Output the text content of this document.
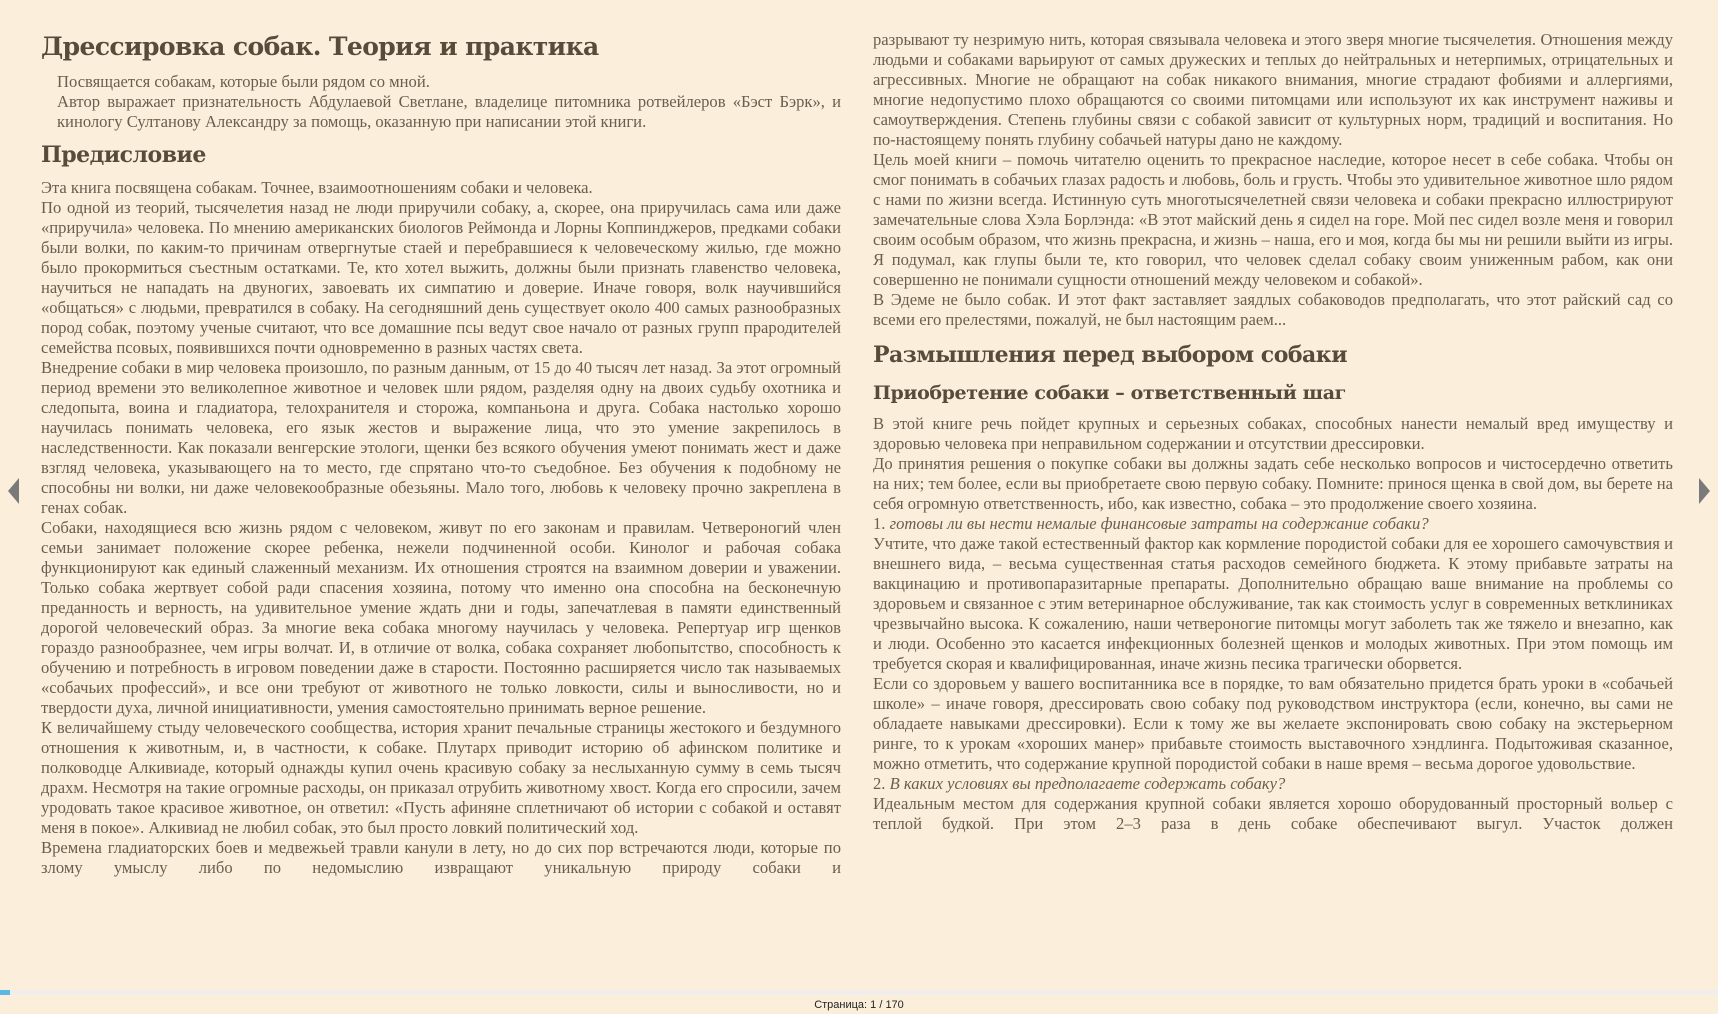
Дрессировка собак. Теория и практика

Посвящается собакам, которые были рядом со мной.

Автор выражает признательность Абдулаевой Светлане, владелице питомника ротвейлеров «Бэст Бэрк», и кинологу Султанову Александру за помощь, оказанную при написании этой книги.

Предисловие

Эта книга посвящена собакам. Точнее, взаимоотношениям собаки и человека.

По одной из теорий, тысячелетия назад не люди приручили собаку, а, скорее, она приручилась сама или даже «приручила» человека. По мнению американских биологов Реймонда и Лорны Коппинджеров, предками собаки были волки, по каким-то причинам отвергнутые стаей и перебравшиеся к человеческому жилью, где можно было прокормиться съестным остатками. Те, кто хотел выжить, должны были признать главенство человека, научиться не нападать на двуногих, завоевать их симпатию и доверие. Иначе говоря, волк научившийся «общаться» с людьми, превратился в собаку. На сегодняшний день существует около 400 самых разнообразных пород собак, поэтому ученые считают, что все домашние псы ведут свое начало от разных групп прародителей семейства псовых, появившихся почти одновременно в разных частях света.

Внедрение собаки в мир человека произошло, по разным данным, от 15 до 40 тысяч лет назад. За этот огромный период времени это великолепное животное и человек шли рядом, разделяя одну на двоих судьбу охотника и следопыта, воина и гладиатора, телохранителя и сторожа, компаньона и друга. Собака настолько хорошо научилась понимать человека, его язык жестов и выражение лица, что это умение закрепилось в наследственности. Как показали венгерские этологи, щенки без всякого обучения умеют понимать жест и даже взгляд человека, указывающего на то место, где спрятано что-то съедобное. Без обучения к подобному не способны ни волки, ни даже человекообразные обезьяны. Мало того, любовь к человеку прочно закреплена в генах собак.

Собаки, находящиеся всю жизнь рядом с человеком, живут по его законам и правилам. Четвероногий член семьи занимает положение скорее ребенка, нежели подчиненной особи. Кинолог и рабочая собака функционируют как единый слаженный механизм. Их отношения строятся на взаимном доверии и уважении. Только собака жертвует собой ради спасения хозяина, потому что именно она способна на бесконечную преданность и верность, на удивительное умение ждать дни и годы, запечатлевая в памяти единственный дорогой человеческий образ. За многие века собака многому научилась у человека. Репертуар игр щенков гораздо разнообразнее, чем игры волчат. И, в отличие от волка, собака сохраняет любопытство, способность к обучению и потребность в игровом поведении даже в старости. Постоянно расширяется число так называемых «собачьих профессий», и все они требуют от животного не только ловкости, силы и выносливости, но и твердости духа, личной инициативности, умения самостоятельно принимать верное решение.

К величайшему стыду человеческого сообщества, история хранит печальные страницы жестокого и бездумного отношения к животным, и, в частности, к собаке. Плутарх приводит историю об афинском политике и полководце Алкивиаде, который однажды купил очень красивую собаку за неслыханную сумму в семь тысяч драхм. Несмотря на такие огромные расходы, он приказал отрубить животному хвост. Когда его спросили, зачем уродовать такое красивое животное, он ответил: «Пусть афиняне сплетничают об истории с собакой и оставят меня в покое». Алкивиад не любил собак, это был просто ловкий политический ход.

Времена гладиаторских боев и медвежьей травли канули в лету, но до сих пор встречаются люди, которые по злому умыслу либо по недомыслию извращают уникальную природу собаки и

разрывают ту незримую нить, которая связывала человека и этого зверя многие тысячелетия. Отношения между людьми и собаками варьируют от самых дружеских и теплых до нейтральных и нетерпимых, отрицательных и агрессивных. Многие не обращают на собак никакого внимания, многие страдают фобиями и аллергиями, многие недопустимо плохо обращаются со своими питомцами или используют их как инструмент наживы и самоутверждения. Степень глубины связи с собакой зависит от культурных норм, традиций и воспитания. Но по-настоящему понять глубину собачьей натуры дано не каждому.

Цель моей книги – помочь читателю оценить то прекрасное наследие, которое несет в себе собака. Чтобы он смог понимать в собачьих глазах радость и любовь, боль и грусть. Чтобы это удивительное животное шло рядом с нами по жизни всегда. Истинную суть многотысячелетней связи человека и собаки прекрасно иллюстрируют замечательные слова Хэла Борлэнда: «В этот майский день я сидел на горе. Мой пес сидел возле меня и говорил своим особым образом, что жизнь прекрасна, и жизнь – наша, его и моя, когда бы мы ни решили выйти из игры. Я подумал, как глупы были те, кто говорил, что человек сделал собаку своим униженным рабом, как они совершенно не понимали сущности отношений между человеком и собакой».

В Эдеме не было собак. И этот факт заставляет заядлых собаководов предполагать, что этот райский сад со всеми его прелестями, пожалуй, не был настоящим раем...

Размышления перед выбором собаки
Приобретение собаки – ответственный шаг

В этой книге речь пойдет крупных и серьезных собаках, способных нанести немалый вред имуществу и здоровью человека при неправильном содержании и отсутствии дрессировки.

До принятия решения о покупке собаки вы должны задать себе несколько вопросов и чистосердечно ответить на них; тем более, если вы приобретаете свою первую собаку. Помните: принося щенка в свой дом, вы берете на себя огромную ответственность, ибо, как известно, собака – это продолжение своего хозяина.

1. готовы ли вы нести немалые финансовые затраты на содержание собаки?

Учтите, что даже такой естественный фактор как кормление породистой собаки для ее хорошего самочувствия и внешнего вида, – весьма существенная статья расходов семейного бюджета. К этому прибавьте затраты на вакцинацию и противопаразитарные препараты. Дополнительно обращаю ваше внимание на проблемы со здоровьем и связанное с этим ветеринарное обслуживание, так как стоимость услуг в современных ветклиниках чрезвычайно высока. К сожалению, наши четвероногие питомцы могут заболеть так же тяжело и внезапно, как и люди. Особенно это касается инфекционных болезней щенков и молодых животных. При этом помощь им требуется скорая и квалифицированная, иначе жизнь песика трагически оборвется.

Если со здоровьем у вашего воспитанника все в порядке, то вам обязательно придется брать уроки в «собачьей школе» – иначе говоря, дрессировать свою собаку под руководством инструктора (если, конечно, вы сами не обладаете навыками дрессировки). Если к тому же вы желаете экспонировать свою собаку на экстерьерном ринге, то к урокам «хороших манер» прибавьте стоимость выставочного хэндлинга. Подытоживая сказанное, можно отметить, что содержание крупной породистой собаки в наше время – весьма дорогое удовольствие.

2. В каких условиях вы предполагаете содержать собаку?

Идеальным местом для содержания крупной собаки является хорошо оборудованный просторный вольер с теплой будкой. При этом 2–3 раза в день собаке обеспечивают выгул. Участок должен

Страница: 1 / 170
